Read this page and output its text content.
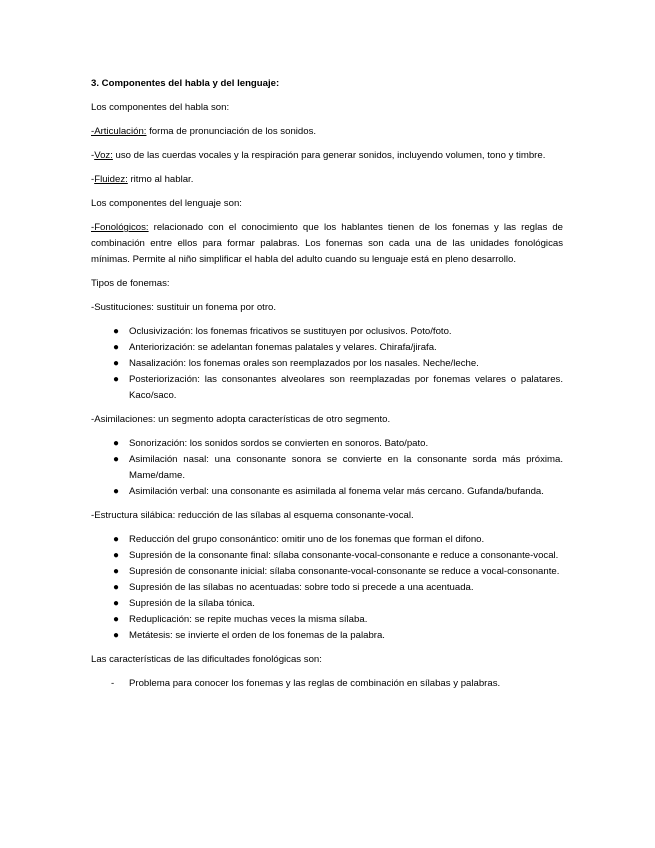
3. Componentes del habla y del lenguaje:

Los componentes del habla son:

-Articulación: forma de pronunciación de los sonidos.

-Voz: uso de las cuerdas vocales y la respiración para generar sonidos, incluyendo volumen, tono y timbre.

-Fluidez: ritmo al hablar.

Los componentes del lenguaje son:

-Fonológicos: relacionado con el conocimiento que los hablantes tienen de los fonemas y las reglas de combinación entre ellos para formar palabras. Los fonemas son cada una de las unidades fonológicas mínimas. Permite al niño simplificar el habla del adulto cuando su lenguaje está en pleno desarrollo.

Tipos de fonemas:

-Sustituciones: sustituir un fonema por otro.

● Oclusivización: los fonemas fricativos se sustituyen por oclusivos. Poto/foto.
● Anteriorización: se adelantan fonemas palatales y velares. Chirafa/jirafa.
● Nasalización: los fonemas orales son reemplazados por los nasales. Neche/leche.
● Posteriorización: las consonantes alveolares son reemplazadas por fonemas velares o palatares. Kaco/saco.

-Asimilaciones: un segmento adopta características de otro segmento.

● Sonorización: los sonidos sordos se convierten en sonoros. Bato/pato.
● Asimilación nasal: una consonante sonora se convierte en la consonante sorda más próxima. Mame/dame.
● Asimilación verbal: una consonante es asimilada al fonema velar más cercano. Gufanda/bufanda.

-Estructura silábica: reducción de las sílabas al esquema consonante-vocal.

● Reducción del grupo consonántico: omitir uno de los fonemas que forman el difono.
● Supresión de la consonante final: sílaba consonante-vocal-consonante e reduce a consonante-vocal.
● Supresión de consonante inicial: sílaba consonante-vocal-consonante se reduce a vocal-consonante.
● Supresión de las sílabas no acentuadas: sobre todo si precede a una acentuada.
● Supresión de la sílaba tónica.
● Reduplicación: se repite muchas veces la misma sílaba.
● Metátesis: se invierte el orden de los fonemas de la palabra.

Las características de las dificultades fonológicas son:

- Problema para conocer los fonemas y las reglas de combinación en sílabas y palabras.
